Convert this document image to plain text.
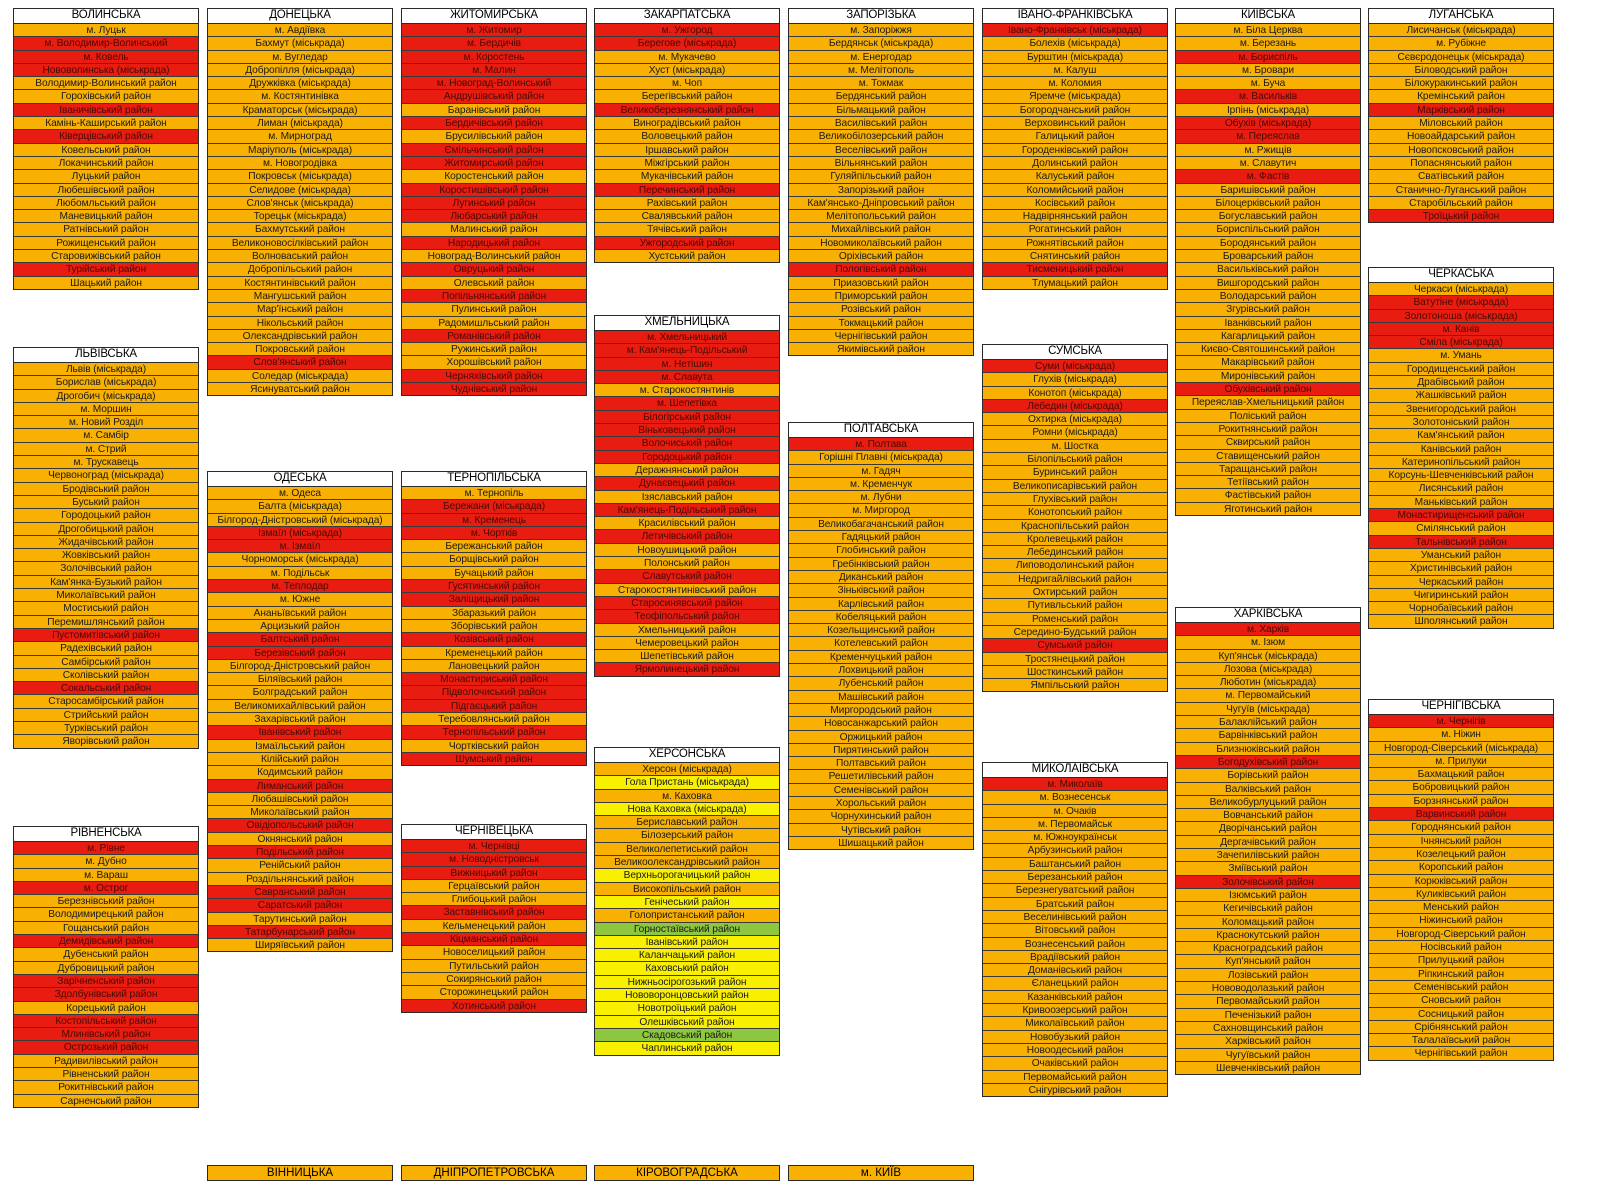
ВОЛИНСЬКА
м. Луцьк
м. Володимир-Волинський
м. Ковель
Нововолинська (міськрада)
Володимир-Волинський район
Горохівський район
Іваничівський район
Камінь-Каширський район
Ківерцівський район
Ковельський район
Локачинський район
Луцький район
Любешівський район
Любомльський район
Маневицький район
Ратнівський район
Рожищенський район
Старовижівський район
Турійський район
Шацький район
ЛЬВІВСЬКА
Львів (міськрада)
Борислав (міськрада)
Дрогобич (міськрада)
м. Моршин
м. Новий Розділ
м. Самбір
м. Стрий
м. Трускавець
Червоноград (міськрада)
Бродівський район
Буський район
Городоцький район
Дрогобицький район
Жидачівський район
Жовківський район
Золочівський район
Кам'янка-Бузький район
Миколаївський район
Мостиський район
Перемишлянський район
Пустомитівський район
Радехівський район
Самбірський район
Сколівський район
Сокальський район
Старосамбірський район
Стрийський район
Турківський район
Яворівський район
РІВНЕНСЬКА
м. Рівне
м. Дубно
м. Вараш
м. Острог
Березнівський район
Володимирецький район
Гощанський район
Демидівський район
Дубенський район
Дубровицький район
Зарічненський район
Здолбунівський район
Корецький район
Костопільський район
Млинівський район
Острозький район
Радивилівський район
Рівненський район
Рокитнівський район
Сарненський район
ДОНЕЦЬКА
м. Авдіївка
Бахмут (міськрада)
м. Вугледар
Добропілля (міськрада)
Дружківка (міськрада)
м. Костянтинівка
Краматорськ (міськрада)
Лиман (міськрада)
м. Мирноград
Маріуполь (міськрада)
м. Новогродівка
Покровськ (міськрада)
Селидове (міськрада)
Слов'янськ (міськрада)
Торецьк (міськрада)
Бахмутський район
Великоновосілківський район
Волноваський район
Добропільський район
Костянтинівський район
Мангушський район
Мар'їнський район
Нікольський район
Олександрівський район
Покровський район
Слов'янський район
Соледар (міськрада)
Ясинуватський район
ОДЕСЬКА
м. Одеса
Балта (міськрада)
Білгород-Дністровський (міськрада)
Ізмаїл (міськрада)
м. Ізмаїл
Чорноморськ (міськрада)
м. Подільськ
м. Теплодар
м. Южне
Ананьївський район
Арцизький район
Балтський район
Березівський район
Білгород-Дністровський район
Біляївський район
Болградський район
Великомихайлівський район
Захарівський район
Іванівський район
Ізмаїльський район
Кілійський район
Кодимський район
Лиманський район
Любашівський район
Миколаївський район
Овідіопольський район
Окнянський район
Подільський район
Ренійський район
Роздільнянський район
Савранський район
Саратський район
Тарутинський район
Татарбунарський район
Ширяївський район
ЖИТОМИРСЬКА
м. Житомир
м. Бердичів
м. Коростень
м. Малин
м. Новоград-Волинський
Андрушівський район
Баранівський район
Бердичівський район
Брусилівський район
Ємільчинський район
Житомирський район
Коростенський район
Коростишівський район
Лугинський район
Любарський район
Малинський район
Народицький район
Новоград-Волинський район
Овруцький район
Олевський район
Попільнянський район
Пулинський район
Радомишльський район
Романівський район
Ружинський район
Хорошівський район
Черняхівський район
Чуднівський район
ТЕРНОПІЛЬСЬКА
м. Тернопіль
Бережани (міськрада)
м. Кременець
м. Чортків
Бережанський район
Борщівський район
Бучацький район
Гусятинський район
Заліщицький район
Збаразький район
Зборівський район
Козівський район
Кременецький район
Лановецький район
Монастириський район
Підволочиський район
Підгаєцький район
Теребовлянський район
Тернопільський район
Чортківський район
Шумський район
ЧЕРНІВЕЦЬКА
м. Чернівці
м. Новодністровськ
Вижницький район
Герцаївський район
Глибоцький район
Заставнівський район
Кельменецький район
Кіцманський район
Новоселицький район
Путильський район
Сокирянський район
Сторожинецький район
Хотинський район
ЗАКАРПАТСЬКА
м. Ужгород
Берегове (міськрада)
м. Мукачево
Хуст (міськрада)
м. Чоп
Берегівський район
Великоберезнянський район
Виноградівський район
Воловецький район
Іршавський район
Міжгірський район
Мукачівський район
Перечинський район
Рахівський район
Свалявський район
Тячівський район
Ужгородський район
Хустський район
ХМЕЛЬНИЦЬКА
м. Хмельницький
м. Кам'янець-Подільський
м. Нетішин
м. Славута
м. Старокостянтинів
м. Шепетівка
Білогірський район
Віньковецький район
Волочиський район
Городоцький район
Деражнянський район
Дунаєвецький район
Ізяславський район
Кам'янець-Подільський район
Красилівський район
Летичівський район
Новоушицький район
Полонський район
Славутський район
Старокостянтинівський район
Старосинявський район
Теофіпольський район
Хмельницький район
Чемеровецький район
Шепетівський район
Ярмолинецький район
ХЕРСОНСЬКА
Херсон (міськрада)
Гола Пристань (міськрада)
м. Каховка
Нова Каховка (міськрада)
Бериславський район
Білозерський район
Великолепетиський район
Великоолександрівський район
Верхньорогачицький район
Високопільський район
Генічеський район
Голопристанський район
Горностаївський район
Іванівський район
Каланчацький район
Каховський район
Нижньосірогозький район
Нововоронцовський район
Новотроїцький район
Олешківський район
Скадовський район
Чаплинський район
ЗАПОРІЗЬКА
м. Запоріжжя
Бердянськ (міськрада)
м. Енергодар
м. Мелітополь
м. Токмак
Бердянський район
Більмацький район
Василівський район
Великобілозерський район
Веселівський район
Вільнянський район
Гуляйпільський район
Запорізький район
Кам'янсько-Дніпровський район
Мелітопольський район
Михайлівський район
Новомиколаївський район
Оріхівський район
Пологівський район
Приазовський район
Приморський район
Розівський район
Токмацький район
Чернігівський район
Якимівський район
ПОЛТАВСЬКА
м. Полтава
Горішні Плавні (міськрада)
м. Гадяч
м. Кременчук
м. Лубни
м. Миргород
Великобагачанський район
Гадяцький район
Глобинський район
Гребінківський район
Диканський район
Зіньківський район
Карлівський район
Кобеляцький район
Козельщинський район
Котелевський район
Кременчуцький район
Лохвицький район
Лубенський район
Машівський район
Миргородський район
Новосанжарський район
Оржицький район
Пирятинський район
Полтавський район
Решетилівський район
Семенівський район
Хорольський район
Чорнухинський район
Чутівський район
Шишацький район
ІВАНО-ФРАНКІВСЬКА
Івано-Франківськ (міськрада)
Болехів (міськрада)
Бурштин (міськрада)
м. Калуш
м. Коломия
Яремче (міськрада)
Богородчанський район
Верховинський район
Галицький район
Городенківський район
Долинський район
Калуський район
Коломийський район
Косівський район
Надвірнянський район
Рогатинський район
Рожнятівський район
Снятинський район
Тисменицький район
Тлумацький район
СУМСЬКА
Суми (міськрада)
Глухів (міськрада)
Конотоп (міськрада)
Лебедин (міськрада)
Охтирка (міськрада)
Ромни (міськрада)
м. Шостка
Білопільський район
Буринський район
Великописарівський район
Глухівський район
Конотопський район
Краснопільський район
Кролевецький район
Лебединський район
Липоводолинський район
Недригайлівський район
Охтирський район
Путивльський район
Роменський район
Середино-Будський район
Сумський район
Тростянецький район
Шосткинський район
Ямпільський район
МИКОЛАЇВСЬКА
м. Миколаїв
м. Вознесенськ
м. Очаків
м. Первомайськ
м. Южноукраїнськ
Арбузинський район
Баштанський район
Березанський район
Березнегуватський район
Братський район
Веселинівський район
Вітовський район
Вознесенський район
Врадіївський район
Доманівський район
Єланецький район
Казанківський район
Кривоозерський район
Миколаївський район
Новобузький район
Новоодеський район
Очаківський район
Первомайський район
Снігурівський район
КИЇВСЬКА
м. Біла Церква
м. Березань
м. Бориспіль
м. Бровари
м. Буча
м. Васильків
Ірпінь (міськрада)
Обухів (міськрада)
м. Переяслав
м. Ржищів
м. Славутич
м. Фастів
Баришівський район
Білоцерківський район
Богуславський район
Бориспільський район
Бородянський район
Броварський район
Васильківський район
Вишгородський район
Володарський район
Згурівський район
Іванківський район
Кагарлицький район
Києво-Святошинський район
Макарівський район
Миронівський район
Обухівський район
Переяслав-Хмельницький район
Поліський район
Рокитнянський район
Сквирський район
Ставищенський район
Таращанський район
Тетіївський район
Фастівський район
Яготинський район
ХАРКІВСЬКА
м. Харків
м. Ізюм
Куп'янськ (міськрада)
Лозова (міськрада)
Люботин (міськрада)
м. Первомайський
Чугуїв (міськрада)
Балаклійський район
Барвінківський район
Близнюківський район
Богодухівський район
Борівський район
Валківський район
Великобурлуцький район
Вовчанський район
Дворічанський район
Дергачівський район
Зачепилівський район
Зміївський район
Золочівський район
Ізюмський район
Кегичівський район
Коломацький район
Краснокутський район
Красноградський район
Куп'янський район
Лозівський район
Нововодолазький район
Первомайський район
Печенізький район
Сахновщинський район
Харківський район
Чугуївський район
Шевченківський район
ЛУГАНСЬКА
Лисичанськ (міськрада)
м. Рубіжне
Сєвєродонецьк (міськрада)
Біловодський район
Білокуракинський район
Кремінський район
Марківський район
Міловський район
Новоайдарський район
Новопсковський район
Попаснянський район
Сватівський район
Станично-Луганський район
Старобільський район
Троїцький район
ЧЕРКАСЬКА
Черкаси (міськрада)
Ватутіне (міськрада)
Золотоноша (міськрада)
м. Канів
Сміла (міськрада)
м. Умань
Городищенський район
Драбівський район
Жашківський район
Звенигородський район
Золотоніський район
Кам'янський район
Канівський район
Катеринопільський район
Корсунь-Шевченківський район
Лисянський район
Маньківський район
Монастирищенський район
Смілянський район
Тальнівський район
Уманський район
Христинівський район
Черкаський район
Чигиринський район
Чорнобаївський район
Шполянський район
ЧЕРНІГІВСЬКА
м. Чернігів
м. Ніжин
Новгород-Сіверський (міськрада)
м. Прилуки
Бахмацький район
Бобровицький район
Борзнянський район
Варвинський район
Городнянський район
Ічнянський район
Козелецький район
Коропський район
Корюківський район
Куликівський район
Менський район
Ніжинський район
Новгород-Сіверський район
Носівський район
Прилуцький район
Ріпкинський район
Семенівський район
Сновський район
Сосницький район
Срібнянський район
Талалаївський район
Чернігівський район
ВІННИЦЬКА	ДНІПРОПЕТРОВСЬКА	КІРОВОГРАДСЬКА	м. КИЇВ
